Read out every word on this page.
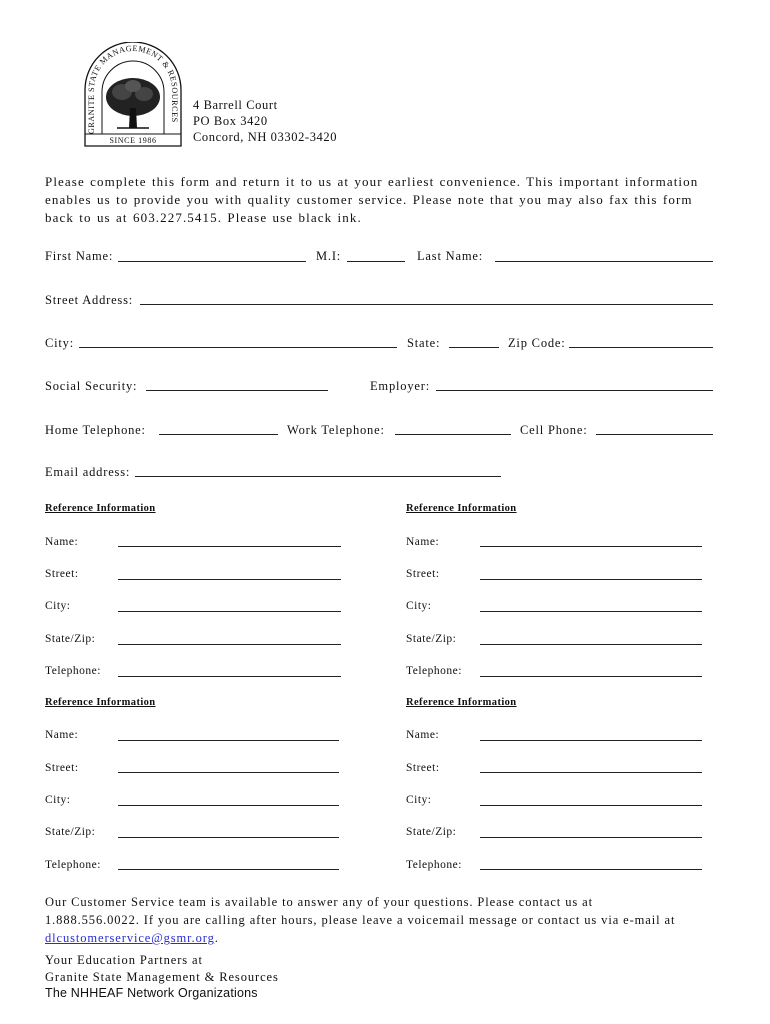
GRANITE STATE MANAGEMENT & RESOURCES
SINCE 1986
4 Barrell Court
PO Box 3420
Concord, NH 03302-3420
Please complete this form and return it to us at your earliest convenience. This important information enables us to provide you with quality customer service. Please note that you may also fax this form back to us at 603.227.5415. Please use black ink.
First Name:	M.I:	Last Name:
Street Address:
City:	State:	Zip Code:
Social Security:	Employer:
Home Telephone:	Work Telephone:	Cell Phone:
Email address:
Reference Information
Name:
Street:
City:
State/Zip:
Telephone:
Reference Information
Name:
Street:
City:
State/Zip:
Telephone:
Reference Information
Name:
Street:
City:
State/Zip:
Telephone:
Reference Information
Name:
Street:
City:
State/Zip:
Telephone:
Our Customer Service team is available to answer any of your questions. Please contact us at 1.888.556.0022. If you are calling after hours, please leave a voicemail message or contact us via e-mail at dlcustomerservice@gsmr.org.
Your Education Partners at
Granite State Management & Resources
The NHHEAF Network Organizations
